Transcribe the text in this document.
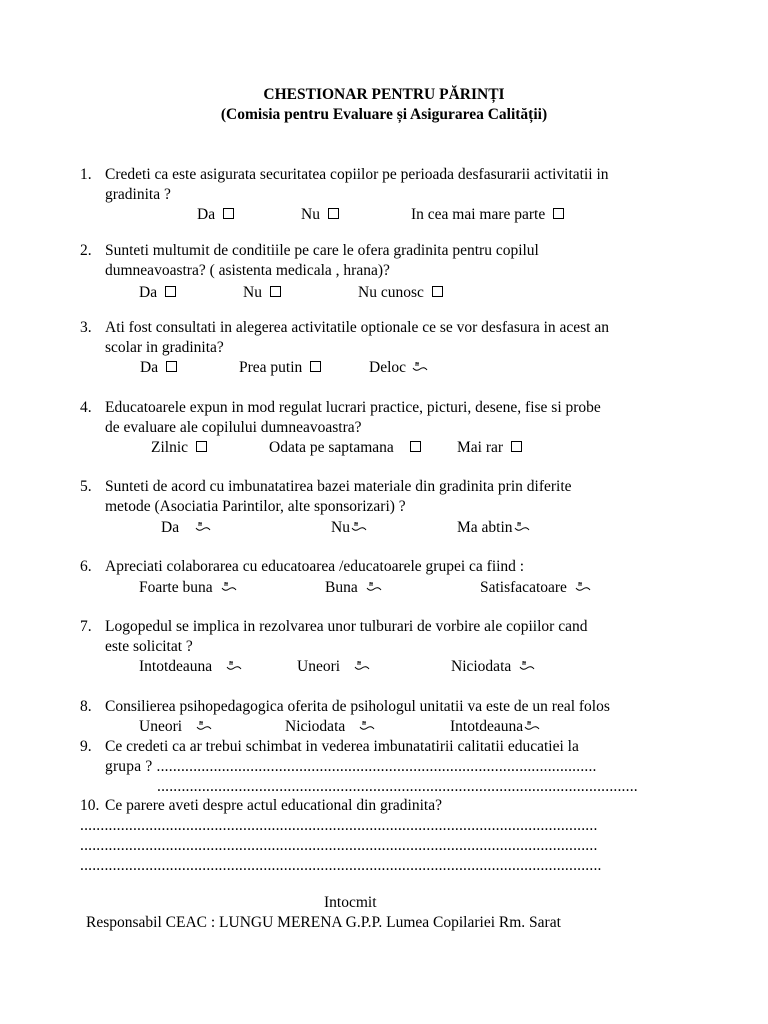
CHESTIONAR PENTRU PĂRINȚI
(Comisia pentru Evaluare și Asigurarea Calității)
1. Credeti ca este asigurata securitatea copiilor pe perioada desfasurarii activitatii in
gradinita ?
Da	Nu	In cea mai mare parte
2. Sunteti multumit de conditiile pe care le ofera gradinita pentru copilul
dumneavoastra? ( asistenta medicala , hrana)?
Da	Nu	Nu cunosc
3. Ati fost consultati in alegerea activitatile optionale ce se vor desfasura in acest an
scolar in gradinita?
Da	Prea putin	Deloc
4. Educatoarele expun in mod regulat lucrari practice, picturi, desene, fise si probe
de evaluare ale copilului dumneavoastra?
Zilnic	Odata pe saptamana	Mai rar
5. Sunteti de acord cu imbunatatirea bazei materiale din gradinita prin diferite
metode (Asociatia Parintilor, alte sponsorizari) ?
Da	Nu	Ma abtin
6. Apreciati colaborarea cu educatoarea /educatoarele grupei ca fiind :
Foarte buna	Buna	Satisfacatoare
7. Logopedul se implica in rezolvarea unor tulburari de vorbire ale copiilor cand
este solicitat ?
Intotdeauna	Uneori	Niciodata
8. Consilierea psihopedagogica oferita de psihologul unitatii va este de un real folos
Uneori	Niciodata	Intotdeauna
9. Ce credeti ca ar trebui schimbat in vederea imbunatatirii calitatii educatiei la
grupa ? ............................................................................................................
......................................................................................................................
10. Ce parere aveti despre actul educational din gradinita?
...............................................................................................................................
...............................................................................................................................
................................................................................................................................
Intocmit
Responsabil CEAC : LUNGU MERENA G.P.P. Lumea Copilariei Rm. Sarat
